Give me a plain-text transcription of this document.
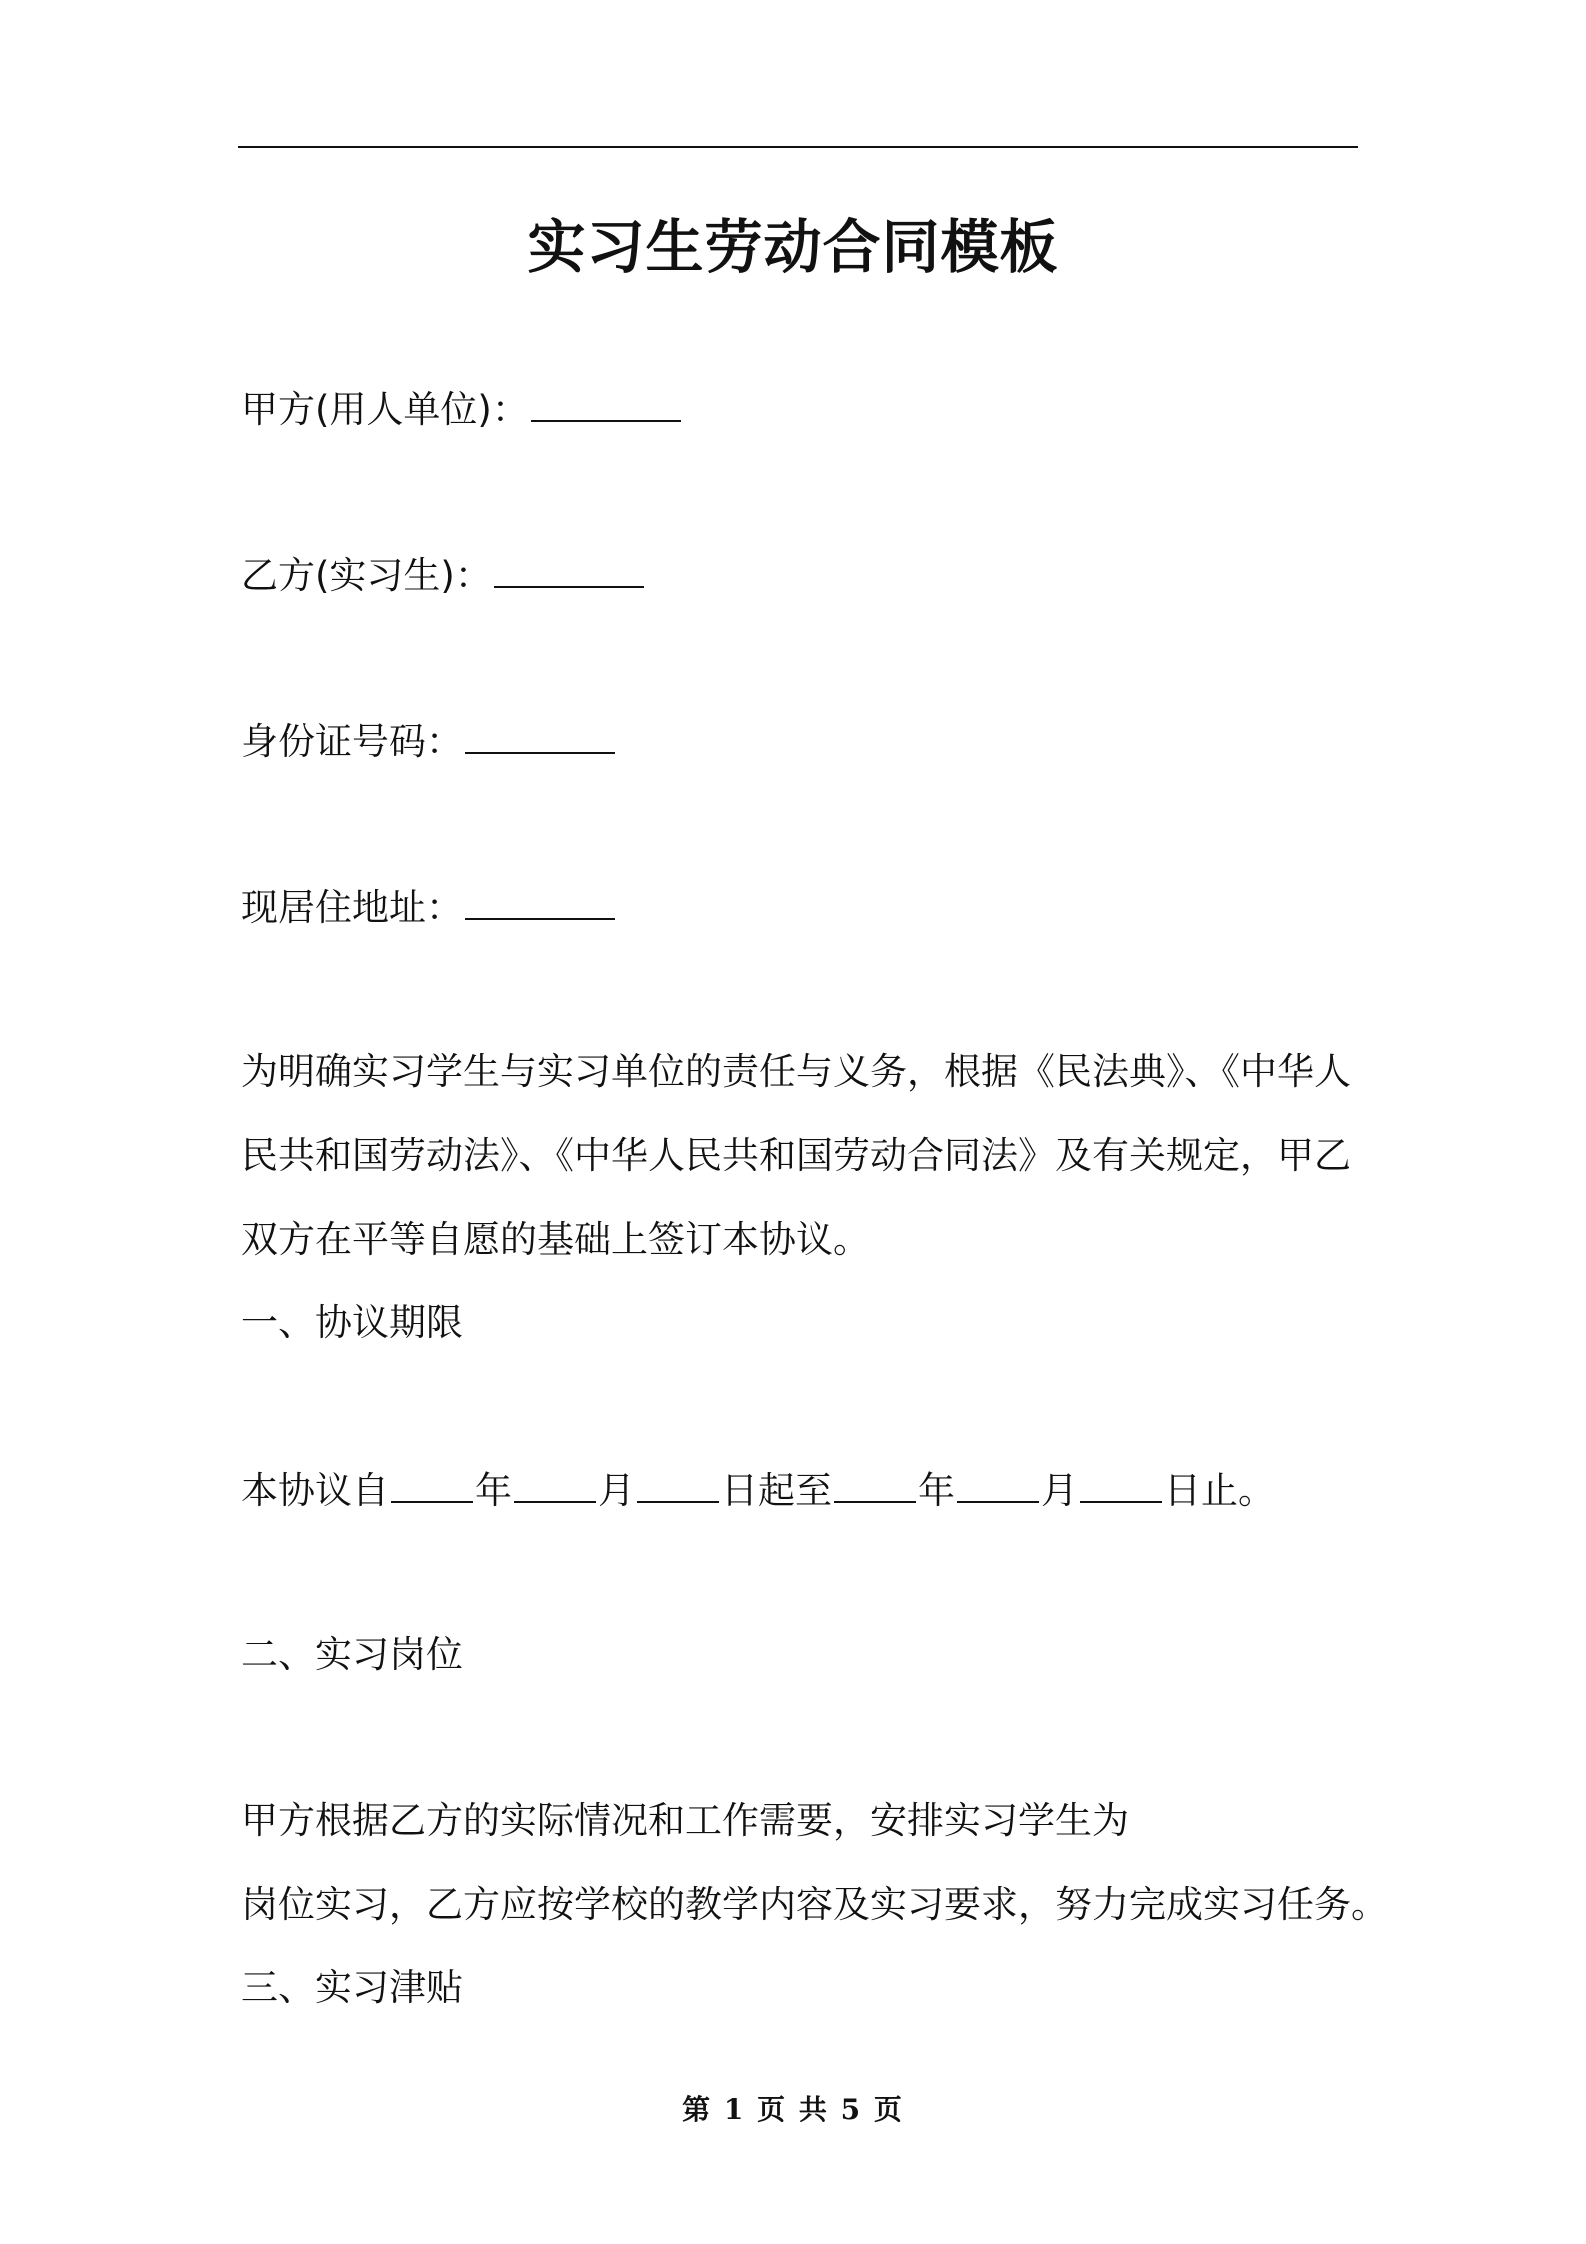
实习生劳动合同模板
甲方(用人单位)：
乙方(实习生)：
身份证号码：
现居住地址：
为明确实习学生与实习单位的责任与义务，根据《民法典》、《中华人
民共和国劳动法》、《中华人民共和国劳动合同法》及有关规定，甲乙
双方在平等自愿的基础上签订本协议。
一、协议期限
本协议自 年 月 日起至 年 月 日止。
二、实习岗位
甲方根据乙方的实际情况和工作需要，安排实习学生为
岗位实习，乙方应按学校的教学内容及实习要求，努力完成实习任务。
三、实习津贴
第 1 页 共 5 页
